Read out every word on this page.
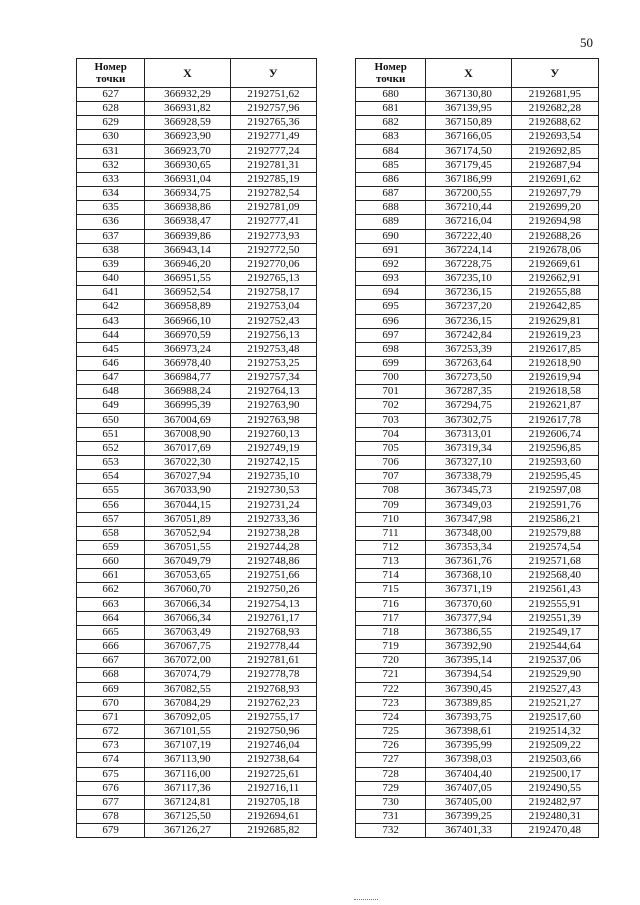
50
Номер
точки	X	У
627	366932,29	2192751,62
628	366931,82	2192757,96
629	366928,59	2192765,36
630	366923,90	2192771,49
631	366923,70	2192777,24
632	366930,65	2192781,31
633	366931,04	2192785,19
634	366934,75	2192782,54
635	366938,86	2192781,09
636	366938,47	2192777,41
637	366939,86	2192773,93
638	366943,14	2192772,50
639	366946,20	2192770,06
640	366951,55	2192765,13
641	366952,54	2192758,17
642	366958,89	2192753,04
643	366966,10	2192752,43
644	366970,59	2192756,13
645	366973,24	2192753,48
646	366978,40	2192753,25
647	366984,77	2192757,34
648	366988,24	2192764,13
649	366995,39	2192763,90
650	367004,69	2192763,98
651	367008,90	2192760,13
652	367017,69	2192749,19
653	367022,30	2192742,15
654	367027,94	2192735,10
655	367033,90	2192730,53
656	367044,15	2192731,24
657	367051,89	2192733,36
658	367052,94	2192738,28
659	367051,55	2192744,28
660	367049,79	2192748,86
661	367053,65	2192751,66
662	367060,70	2192750,26
663	367066,34	2192754,13
664	367066,34	2192761,17
665	367063,49	2192768,93
666	367067,75	2192778,44
667	367072,00	2192781,61
668	367074,79	2192778,78
669	367082,55	2192768,93
670	367084,29	2192762,23
671	367092,05	2192755,17
672	367101,55	2192750,96
673	367107,19	2192746,04
674	367113,90	2192738,64
675	367116,00	2192725,61
676	367117,36	2192716,11
677	367124,81	2192705,18
678	367125,50	2192694,61
679	367126,27	2192685,82
Номер
точки	X	У
680	367130,80	2192681,95
681	367139,95	2192682,28
682	367150,89	2192688,62
683	367166,05	2192693,54
684	367174,50	2192692,85
685	367179,45	2192687,94
686	367186,99	2192691,62
687	367200,55	2192697,79
688	367210,44	2192699,20
689	367216,04	2192694,98
690	367222,40	2192688,26
691	367224,14	2192678,06
692	367228,75	2192669,61
693	367235,10	2192662,91
694	367236,15	2192655,88
695	367237,20	2192642,85
696	367236,15	2192629,81
697	367242,84	2192619,23
698	367253,39	2192617,85
699	367263,64	2192618,90
700	367273,50	2192619,94
701	367287,35	2192618,58
702	367294,75	2192621,87
703	367302,75	2192617,78
704	367313,01	2192606,74
705	367319,34	2192596,85
706	367327,10	2192593,60
707	367338,79	2192595,45
708	367345,73	2192597,08
709	367349,03	2192591,76
710	367347,98	2192586,21
711	367348,00	2192579,88
712	367353,34	2192574,54
713	367361,76	2192571,68
714	367368,10	2192568,40
715	367371,19	2192561,43
716	367370,60	2192555,91
717	367377,94	2192551,39
718	367386,55	2192549,17
719	367392,90	2192544,64
720	367395,14	2192537,06
721	367394,54	2192529,90
722	367390,45	2192527,43
723	367389,85	2192521,27
724	367393,75	2192517,60
725	367398,61	2192514,32
726	367395,99	2192509,22
727	367398,03	2192503,66
728	367404,40	2192500,17
729	367407,05	2192490,55
730	367405,00	2192482,97
731	367399,25	2192480,31
732	367401,33	2192470,48
